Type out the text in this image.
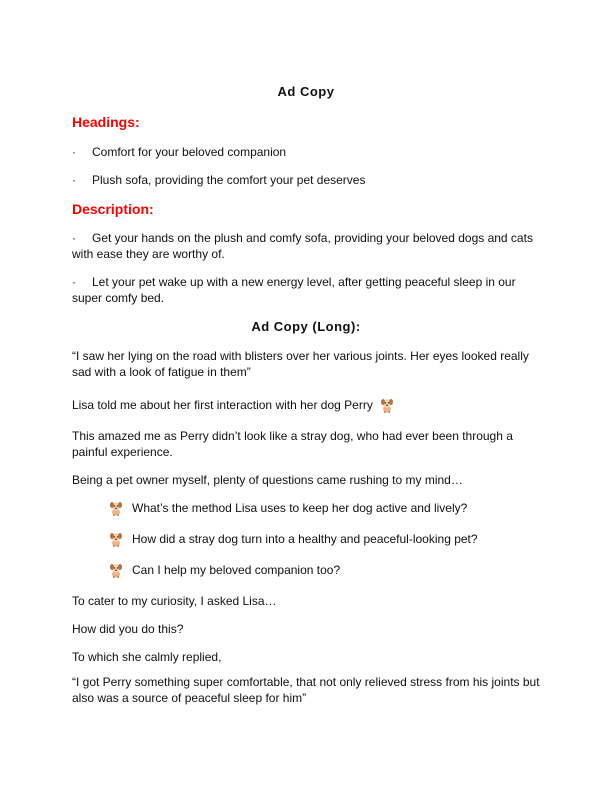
Ad Copy
Headings:
· Comfort for your beloved companion
· Plush sofa, providing the comfort your pet deserves
Description:
· Get your hands on the plush and comfy sofa, providing your beloved dogs and cats
with ease they are worthy of.
· Let your pet wake up with a new energy level, after getting peaceful sleep in our
super comfy bed.
Ad Copy (Long):
“I saw her lying on the road with blisters over her various joints. Her eyes looked really
sad with a look of fatigue in them”
Lisa told me about her first interaction with her dog Perry
This amazed me as Perry didn’t look like a stray dog, who had ever been through a
painful experience.
Being a pet owner myself, plenty of questions came rushing to my mind…
What’s the method Lisa uses to keep her dog active and lively?
How did a stray dog turn into a healthy and peaceful-looking pet?
Can I help my beloved companion too?
To cater to my curiosity, I asked Lisa…
How did you do this?
To which she calmly replied,
“I got Perry something super comfortable, that not only relieved stress from his joints but
also was a source of peaceful sleep for him”
